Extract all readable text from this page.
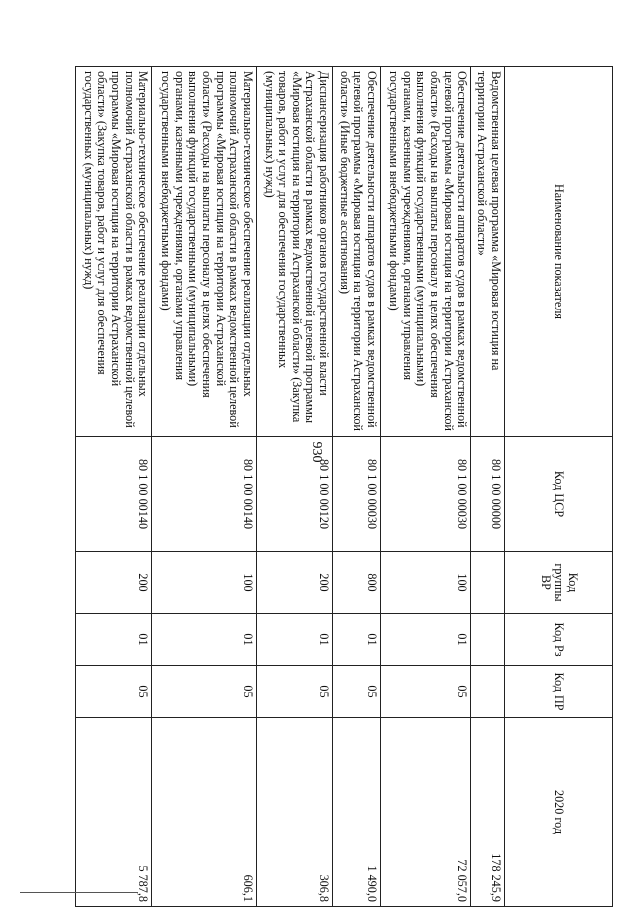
930
Наименование показателя	Код ЦСР	Код группы ВР	Код Рз	Код ПР	2020 год
Ведомственная целевая программа «Мировая юстиция на территории Астраханской области»	80 1 00 00000				178 245,9
Обеспечение деятельности аппаратов судов в рамках ведомственной целевой программы «Мировая юстиция на территории Астраханской области» (Расходы на выплаты персоналу в целях обеспечения выполнения функций государственными (муниципальными) органами, казенными учреждениями, органами управления государственными внебюджетными фондами)	80 1 00 00030	100	01	05	72 057,0
Обеспечение деятельности аппаратов судов в рамках ведомственной целевой программы «Мировая юстиция на территории Астраханской области» (Иные бюджетные ассигнования)	80 1 00 00030	800	01	05	1 490,0
Диспансеризация работников органов государственной власти Астраханской области в рамках ведомственной целевой программы «Мировая юстиция на территории Астраханской области» (Закупка товаров, работ и услуг для обеспечения государственных (муниципальных) нужд)	80 1 00 00120	200	01	05	306,8
Материально-техническое обеспечение реализации отдельных полномочий Астраханской области в рамках ведомственной целевой программы «Мировая юстиция на территории Астраханской области» (Расходы на выплаты персоналу в целях обеспечения выполнения функций государственными (муниципальными) органами, казенными учреждениями, органами управления государственными внебюджетными фондами)	80 1 00 00140	100	01	05	606,1
Материально-техническое обеспечение реализации отдельных полномочий Астраханской области в рамках ведомственной целевой программы «Мировая юстиция на территории Астраханской области» (Закупка товаров, работ и услуг для обеспечения государственных (муниципальных) нужд)	80 1 00 00140	200	01	05	5 787,8
